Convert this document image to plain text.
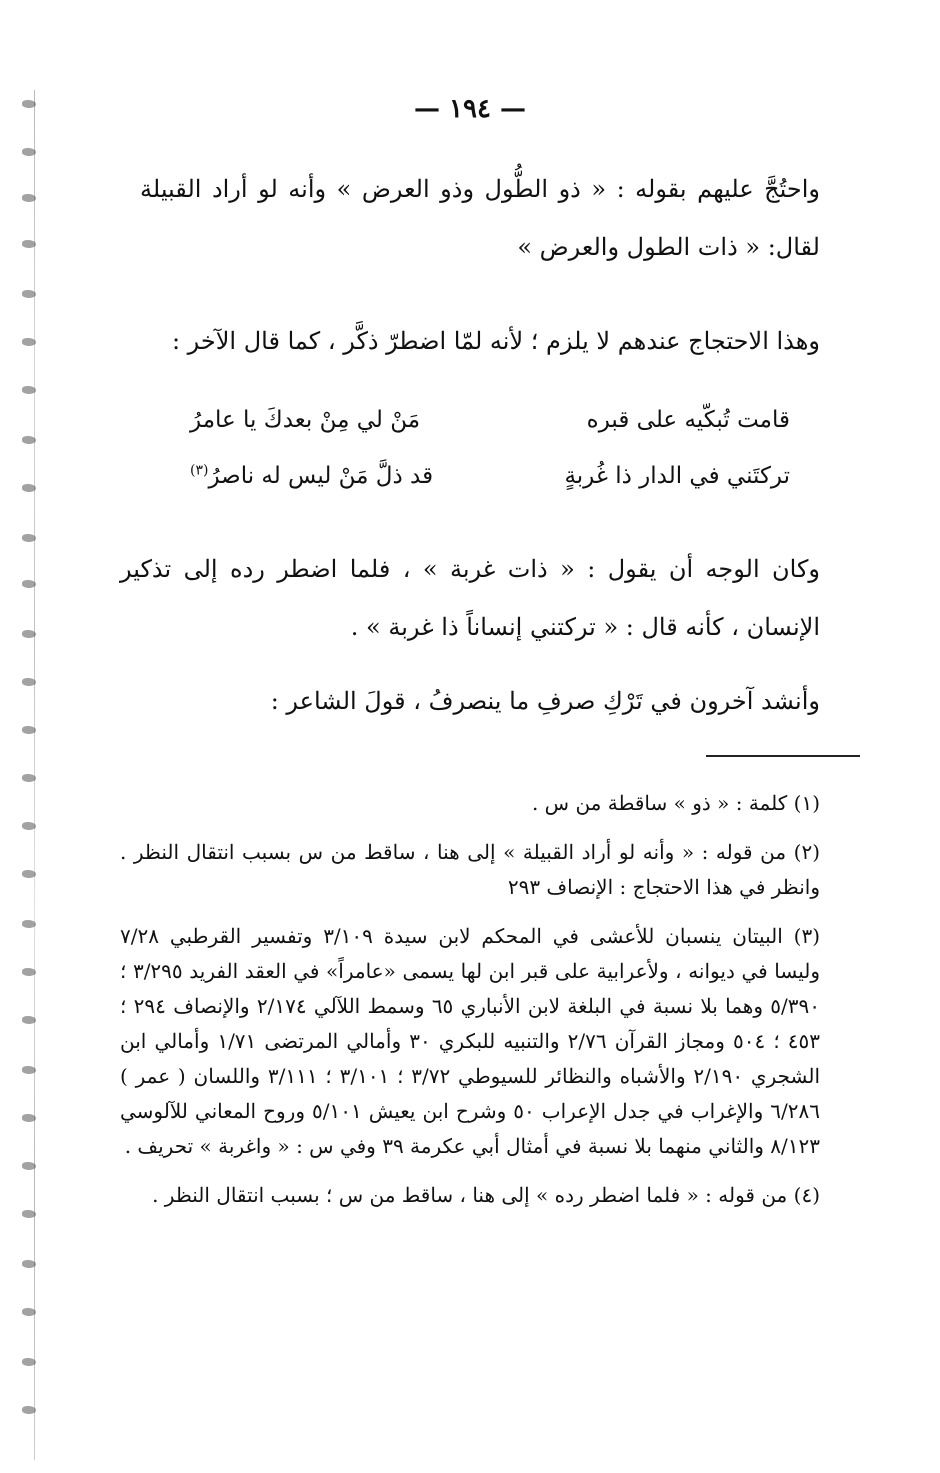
— ١٩٤ —
واحتُجَّ عليهم بقوله : « ذو الطُّول وذو العرض » وأنه لو أراد القبيلة لقال: « ذات الطول والعرض »
وهذا الاحتجاج عندهم لا يلزم ؛ لأنه لمّا اضطرّ ذكَّر ، كما قال الآخر :
قامت تُبكّيه على قبره
مَنْ لي مِنْ بعدكَ يا عامرُ
تركتَني في الدار ذا غُربةٍ
قد ذلَّ مَنْ ليس له ناصرُ$^{(٣)}$
وكان الوجه أن يقول : « ذات غربة » ، فلما اضطر رده إلى تذكير الإنسان ، كأنه قال : « تركتني إنساناً ذا غربة » .
وأنشد آخرون في تَرْكِ صرفِ ما ينصرفُ ، قولَ الشاعر :
(١) كلمة : « ذو » ساقطة من س .
(٢) من قوله : « وأنه لو أراد القبيلة » إلى هنا ، ساقط من س بسبب انتقال النظر . وانظر في هذا الاحتجاج : الإنصاف ٢٩٣
(٣) البيتان ينسبان للأعشى في المحكم لابن سيدة ٣/١٠٩ وتفسير القرطبي ٧/٢٨ وليسا في ديوانه ، ولأعرابية على قبر ابن لها يسمى «عامراً» في العقد الفريد ٣/٢٩٥ ؛ ٥/٣٩٠ وهما بلا نسبة في البلغة لابن الأنباري ٦٥ وسمط اللآلي ٢/١٧٤ والإنصاف ٢٩٤ ؛ ٤٥٣ ؛ ٥٠٤ ومجاز القرآن ٢/٧٦ والتنبيه للبكري ٣٠ وأمالي المرتضى ١/٧١ وأمالي ابن الشجري ٢/١٩٠ والأشباه والنظائر للسيوطي ٣/٧٢ ؛ ٣/١٠١ ؛ ٣/١١١ واللسان ( عمر ) ٦/٢٨٦ والإغراب في جدل الإعراب ٥٠ وشرح ابن يعيش ٥/١٠١ وروح المعاني للآلوسي ٨/١٢٣ والثاني منهما بلا نسبة في أمثال أبي عكرمة ٣٩ وفي س : « واغربة » تحريف .
(٤) من قوله : « فلما اضطر رده » إلى هنا ، ساقط من س ؛ بسبب انتقال النظر .
